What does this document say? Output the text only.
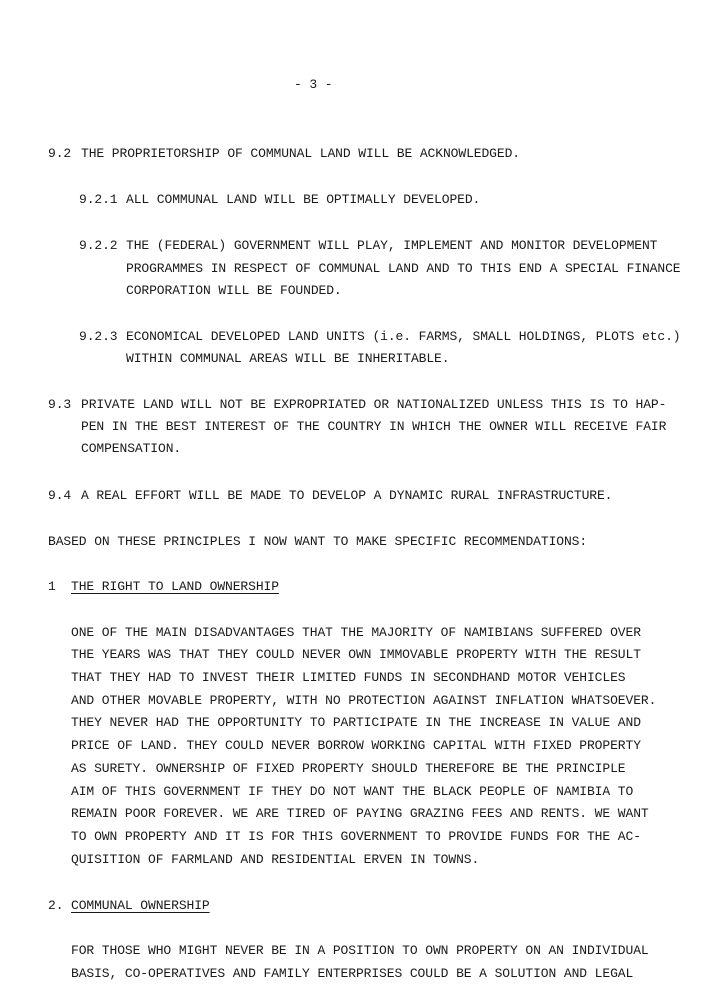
- 3 -
9.2 THE PROPRIETORSHIP OF COMMUNAL LAND WILL BE ACKNOWLEDGED.
9.2.1 ALL COMMUNAL LAND WILL BE OPTIMALLY DEVELOPED.
9.2.2 THE (FEDERAL) GOVERNMENT WILL PLAY, IMPLEMENT AND MONITOR DEVELOPMENT
PROGRAMMES IN RESPECT OF COMMUNAL LAND AND TO THIS END A SPECIAL FINANCE
CORPORATION WILL BE FOUNDED.
9.2.3 ECONOMICAL DEVELOPED LAND UNITS (i.e. FARMS, SMALL HOLDINGS, PLOTS etc.)
WITHIN COMMUNAL AREAS WILL BE INHERITABLE.
9.3 PRIVATE LAND WILL NOT BE EXPROPRIATED OR NATIONALIZED UNLESS THIS IS TO HAP-
PEN IN THE BEST INTEREST OF THE COUNTRY IN WHICH THE OWNER WILL RECEIVE FAIR
COMPENSATION.
9.4 A REAL EFFORT WILL BE MADE TO DEVELOP A DYNAMIC RURAL INFRASTRUCTURE.
BASED ON THESE PRINCIPLES I NOW WANT TO MAKE SPECIFIC RECOMMENDATIONS:
1 THE RIGHT TO LAND OWNERSHIP
ONE OF THE MAIN DISADVANTAGES THAT THE MAJORITY OF NAMIBIANS SUFFERED OVER
THE YEARS WAS THAT THEY COULD NEVER OWN IMMOVABLE PROPERTY WITH THE RESULT
THAT THEY HAD TO INVEST THEIR LIMITED FUNDS IN SECONDHAND MOTOR VEHICLES
AND OTHER MOVABLE PROPERTY, WITH NO PROTECTION AGAINST INFLATION WHATSOEVER.
THEY NEVER HAD THE OPPORTUNITY TO PARTICIPATE IN THE INCREASE IN VALUE AND
PRICE OF LAND. THEY COULD NEVER BORROW WORKING CAPITAL WITH FIXED PROPERTY
AS SURETY. OWNERSHIP OF FIXED PROPERTY SHOULD THEREFORE BE THE PRINCIPLE
AIM OF THIS GOVERNMENT IF THEY DO NOT WANT THE BLACK PEOPLE OF NAMIBIA TO
REMAIN POOR FOREVER. WE ARE TIRED OF PAYING GRAZING FEES AND RENTS. WE WANT
TO OWN PROPERTY AND IT IS FOR THIS GOVERNMENT TO PROVIDE FUNDS FOR THE AC-
QUISITION OF FARMLAND AND RESIDENTIAL ERVEN IN TOWNS.
2. COMMUNAL OWNERSHIP
FOR THOSE WHO MIGHT NEVER BE IN A POSITION TO OWN PROPERTY ON AN INDIVIDUAL
BASIS, CO-OPERATIVES AND FAMILY ENTERPRISES COULD BE A SOLUTION AND LEGAL
